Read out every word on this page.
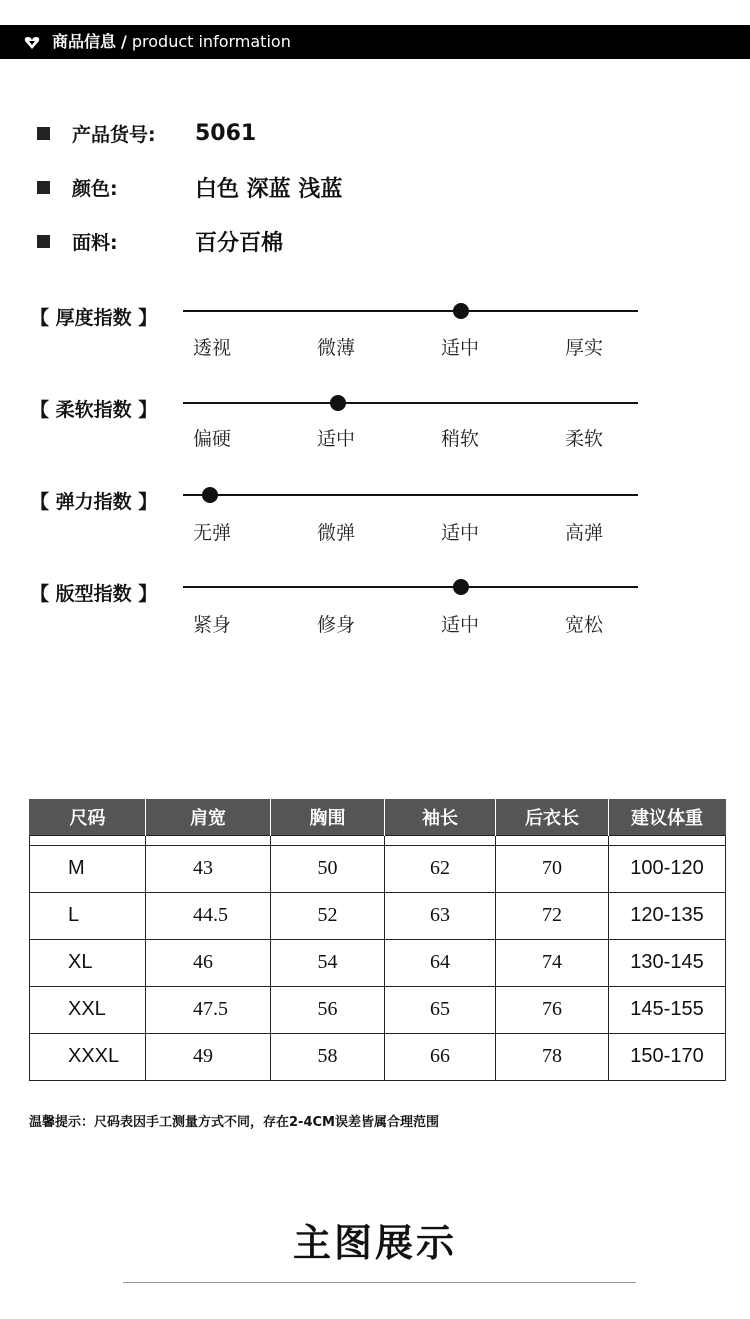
商品信息 / product information
产品货号:	5061
颜色:	白色 深蓝 浅蓝
面料:	百分百棉
【 厚度指数 】
透视	微薄	适中	厚实
【 柔软指数 】
偏硬	适中	稍软	柔软
【 弹力指数 】
无弹	微弹	适中	高弹
【 版型指数 】
紧身	修身	适中	宽松
尺码	肩宽	胸围	袖长	后衣长	建议体重

M	43	50	62	70	100-120
L	44.5	52	63	72	120-135
XL	46	54	64	74	130-145
XXL	47.5	56	65	76	145-155
XXXL	49	58	66	78	150-170
温馨提示：尺码表因手工测量方式不同，存在2-4CM误差皆属合理范围
主图展示
